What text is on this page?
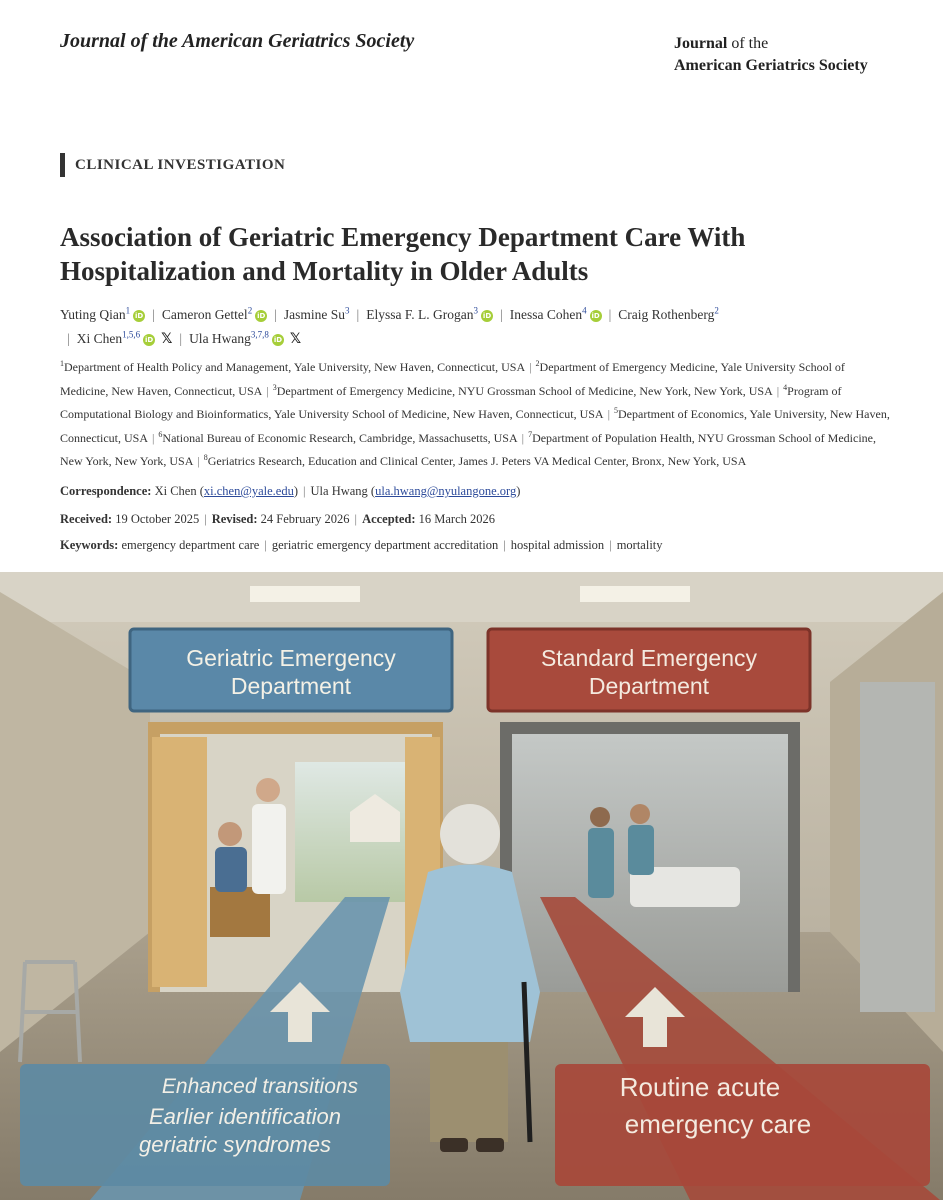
Journal of the American Geriatrics Society	Journal of the
American Geriatrics Society
CLINICAL INVESTIGATION
Association of Geriatric Emergency Department Care With Hospitalization and Mortality in Older Adults
Yuting Qian$^1$iD | Cameron Gettel$^2$iD | Jasmine Su$^3$ | Elyssa F. L. Grogan$^3$iD | Inessa Cohen$^4$iD | Craig Rothenberg$^2$
| Xi Chen$^{1,5,6}$iD 𝕏 | Ula Hwang$^{3,7,8}$iD 𝕏
$^1$Department of Health Policy and Management, Yale University, New Haven, Connecticut, USA | $^2$Department of Emergency Medicine, Yale University School of Medicine, New Haven, Connecticut, USA | $^3$Department of Emergency Medicine, NYU Grossman School of Medicine, New York, New York, USA | $^4$Program of Computational Biology and Bioinformatics, Yale University School of Medicine, New Haven, Connecticut, USA | $^5$Department of Economics, Yale University, New Haven, Connecticut, USA | $^6$National Bureau of Economic Research, Cambridge, Massachusetts, USA | $^7$Department of Population Health, NYU Grossman School of Medicine, New York, New York, USA | $^8$Geriatrics Research, Education and Clinical Center, James J. Peters VA Medical Center, Bronx, New York, USA
Correspondence: Xi Chen (xi.chen@yale.edu) | Ula Hwang (ula.hwang@nyulangone.org)
Received: 19 October 2025 | Revised: 24 February 2026 | Accepted: 16 March 2026
Keywords: emergency department care | geriatric emergency department accreditation | hospital admission | mortality
Geriatric Emergency
Department
Standard Emergency
Department
Enhanced transitions
Earlier identification
geriatric syndromes
Routine acute
emergency care
